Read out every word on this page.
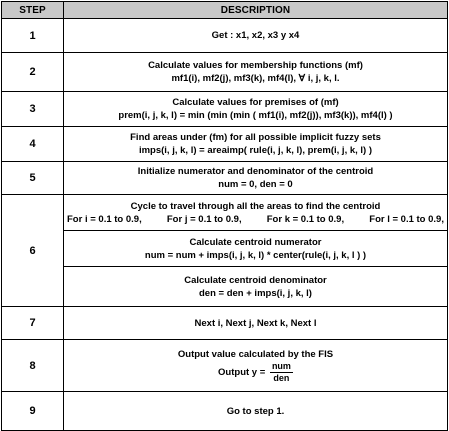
STEP	DESCRIPTION
1	Get : x1, x2, x3 y x4

2	Calculate values for membership functions (mf)
mf1(i), mf2(j), mf3(k), mf4(l), ∀ i, j, k, l.

3	Calculate values for premises of (mf)
prem(i, j, k, l) = min (min (min ( mf1(i), mf2(j)), mf3(k)), mf4(l) )

4	Find areas under (fm) for all possible implicit fuzzy sets
imps(i, j, k, l) = areaimp( rule(i, j, k, l), prem(i, j, k, l) )

5	Initialize numerator and denominator of the centroid
num = 0, den = 0

6	Cycle to travel through all the areas to find the centroid
For i = 0.1 to 0.9, For j = 0.1 to 0.9, For k = 0.1 to 0.9, For l = 0.1 to 0.9,

	Calculate centroid numerator
num = num + imps(i, j, k, l) * center(rule(i, j, k, l ) )

	Calculate centroid denominator
den = den + imps(i, j, k, l)

7	Next i, Next j, Next k, Next l

8	Output value calculated by the FIS
Output $y = \frac{\text{num}}{\text{den}}$

9	Go to step 1.
